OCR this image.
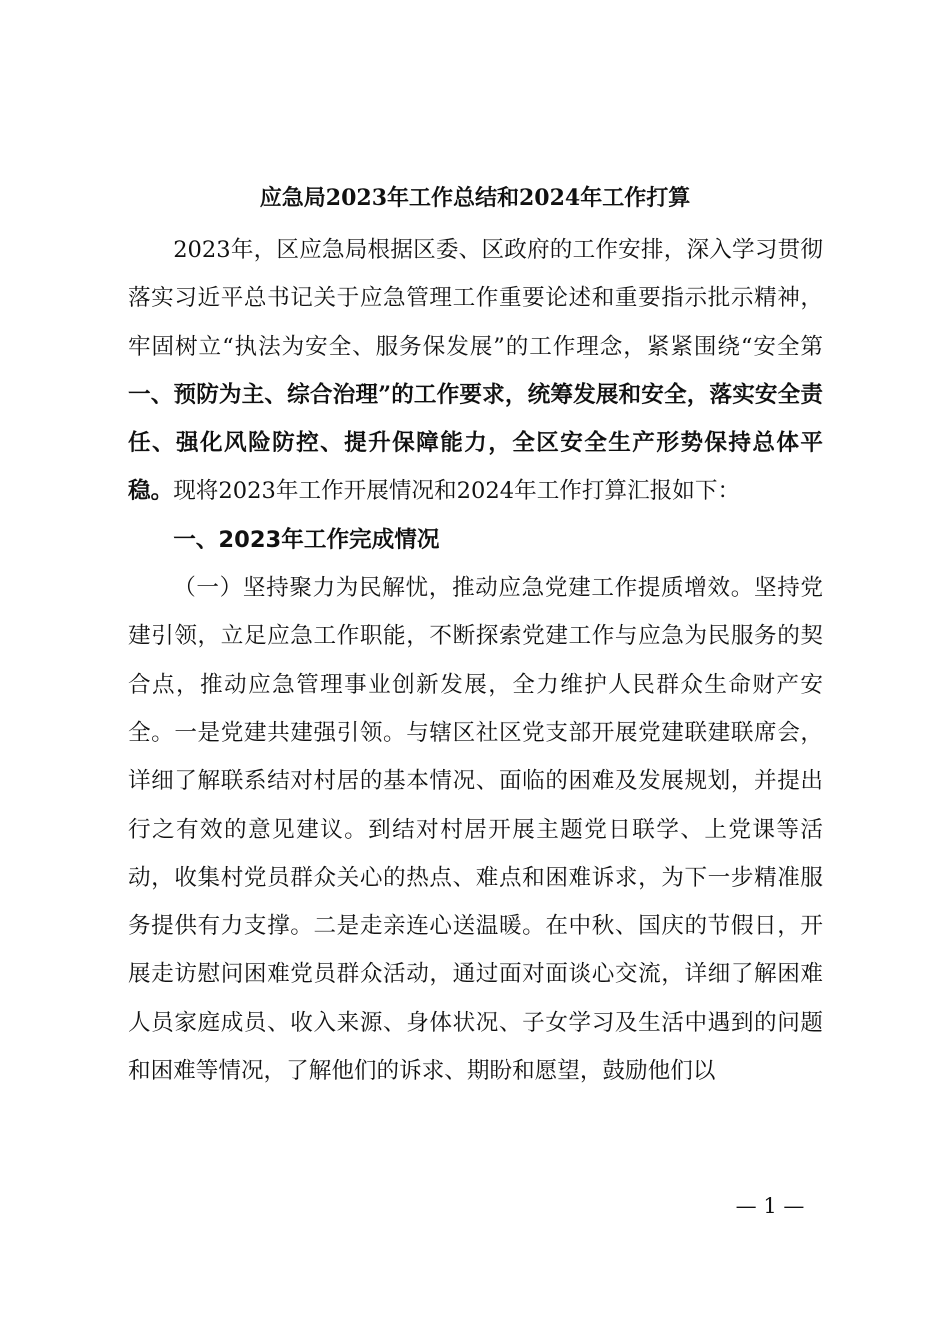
应急局2023年工作总结和2024年工作打算

2023年，区应急局根据区委、区政府的工作安排，深入学习贯彻落实习近平总书记关于应急管理工作重要论述和重要指示批示精神，牢固树立“执法为安全、服务保发展”的工作理念，紧紧围绕“安全第一、预防为主、综合治理”的工作要求，统筹发展和安全，落实安全责任、强化风险防控、提升保障能力，全区安全生产形势保持总体平稳。现将2023年工作开展情况和2024年工作打算汇报如下：

一、2023年工作完成情况

（一）坚持聚力为民解忧，推动应急党建工作提质增效。坚持党建引领，立足应急工作职能，不断探索党建工作与应急为民服务的契合点，推动应急管理事业创新发展，全力维护人民群众生命财产安全。一是党建共建强引领。与辖区社区党支部开展党建联建联席会，详细了解联系结对村居的基本情况、面临的困难及发展规划，并提出行之有效的意见建议。到结对村居开展主题党日联学、上党课等活动，收集村党员群众关心的热点、难点和困难诉求，为下一步精准服务提供有力支撑。二是走亲连心送温暖。在中秋、国庆的节假日，开展走访慰问困难党员群众活动，通过面对面谈心交流，详细了解困难人员家庭成员、收入来源、身体状况、子女学习及生活中遇到的问题和困难等情况，了解他们的诉求、期盼和愿望，鼓励他们以

— 1 —
